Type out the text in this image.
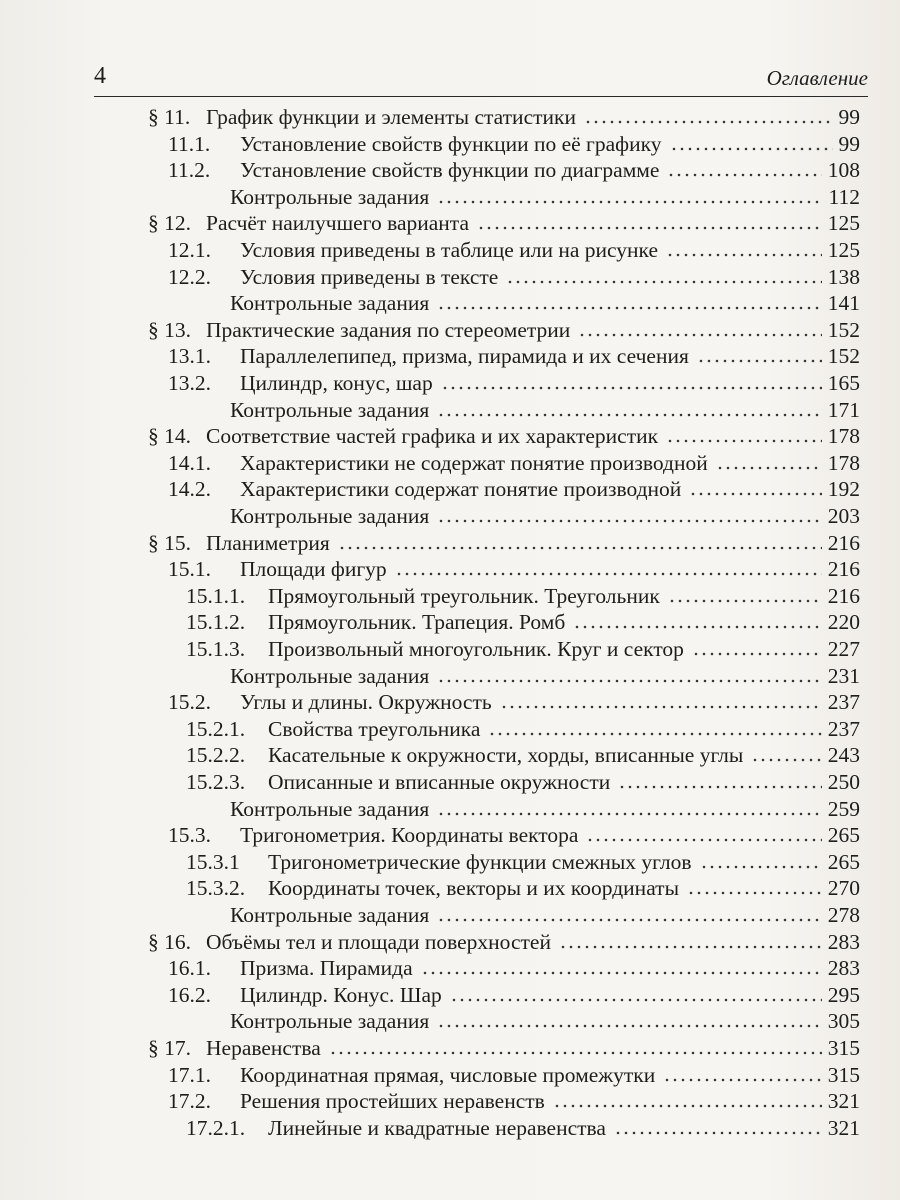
4	Оглавление
§ 11. График функции и элементы статистики	99
11.1.	Установление свойств функции по её графику	99
11.2.	Установление свойств функции по диаграмме	108
Контрольные задания	112
§ 12. Расчёт наилучшего варианта	125
12.1.	Условия приведены в таблице или на рисунке	125
12.2.	Условия приведены в тексте	138
Контрольные задания	141
§ 13. Практические задания по стереометрии	152
13.1.	Параллелепипед, призма, пирамида и их сечения	152
13.2.	Цилиндр, конус, шар	165
Контрольные задания	171
§ 14. Соответствие частей графика и их характеристик	178
14.1.	Характеристики не содержат понятие производной	178
14.2.	Характеристики содержат понятие производной	192
Контрольные задания	203
§ 15. Планиметрия	216
15.1.	Площади фигур	216
15.1.1.	Прямоугольный треугольник. Треугольник	216
15.1.2.	Прямоугольник. Трапеция. Ромб	220
15.1.3.	Произвольный многоугольник. Круг и сектор	227
Контрольные задания	231
15.2.	Углы и длины. Окружность	237
15.2.1.	Свойства треугольника	237
15.2.2.	Касательные к окружности, хорды, вписанные углы	243
15.2.3.	Описанные и вписанные окружности	250
Контрольные задания	259
15.3.	Тригонометрия. Координаты вектора	265
15.3.1	Тригонометрические функции смежных углов	265
15.3.2.	Координаты точек, векторы и их координаты	270
Контрольные задания	278
§ 16. Объёмы тел и площади поверхностей	283
16.1.	Призма. Пирамида	283
16.2.	Цилиндр. Конус. Шар	295
Контрольные задания	305
§ 17. Неравенства	315
17.1.	Координатная прямая, числовые промежутки	315
17.2.	Решения простейших неравенств	321
17.2.1.	Линейные и квадратные неравенства	321
